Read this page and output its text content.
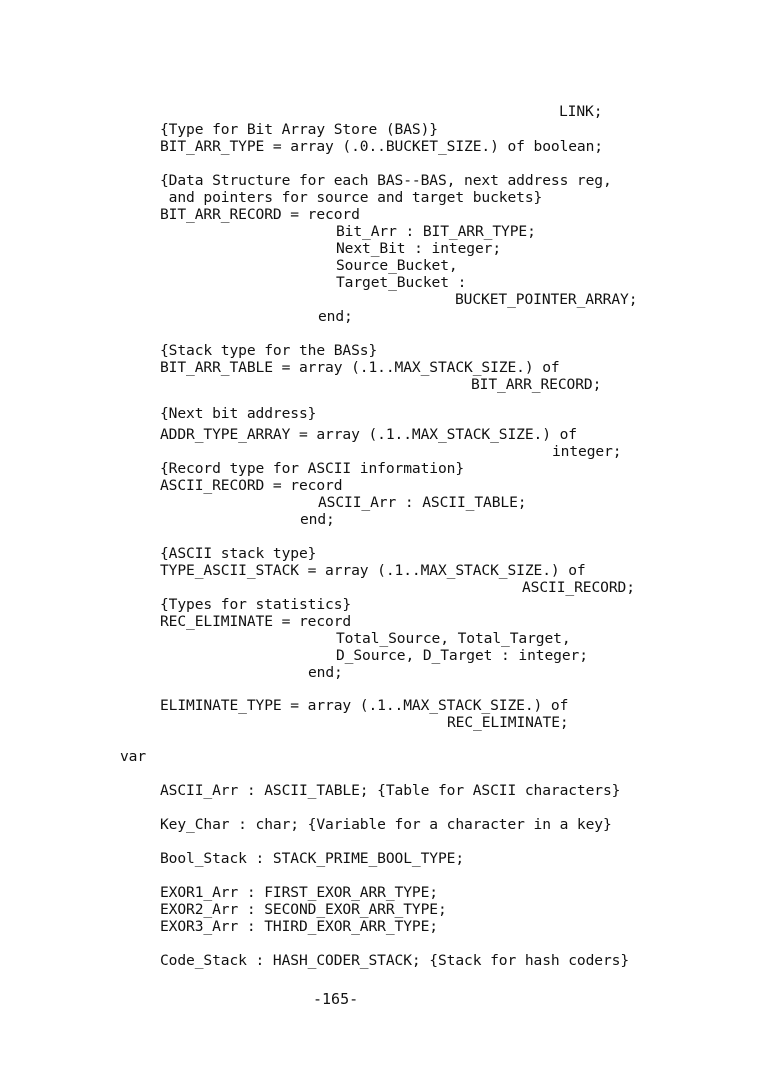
LINK;
{Type for Bit Array Store (BAS)}
BIT_ARR_TYPE = array (.0..BUCKET_SIZE.) of boolean;
{Data Structure for each BAS--BAS, next address reg,
and pointers for source and target buckets}
BIT_ARR_RECORD = record
Bit_Arr : BIT_ARR_TYPE;
Next_Bit : integer;
Source_Bucket,
Target_Bucket :
BUCKET_POINTER_ARRAY;
end;
{Stack type for the BASs}
BIT_ARR_TABLE = array (.1..MAX_STACK_SIZE.) of
BIT_ARR_RECORD;
{Next bit address}
ADDR_TYPE_ARRAY = array (.1..MAX_STACK_SIZE.) of
integer;
{Record type for ASCII information}
ASCII_RECORD = record
ASCII_Arr : ASCII_TABLE;
end;
{ASCII stack type}
TYPE_ASCII_STACK = array (.1..MAX_STACK_SIZE.) of
ASCII_RECORD;
{Types for statistics}
REC_ELIMINATE = record
Total_Source, Total_Target,
D_Source, D_Target : integer;
end;
ELIMINATE_TYPE = array (.1..MAX_STACK_SIZE.) of
REC_ELIMINATE;
var
ASCII_Arr : ASCII_TABLE; {Table for ASCII characters}
Key_Char : char; {Variable for a character in a key}
Bool_Stack : STACK_PRIME_BOOL_TYPE;
EXOR1_Arr : FIRST_EXOR_ARR_TYPE;
EXOR2_Arr : SECOND_EXOR_ARR_TYPE;
EXOR3_Arr : THIRD_EXOR_ARR_TYPE;
Code_Stack : HASH_CODER_STACK; {Stack for hash coders}
-165-
